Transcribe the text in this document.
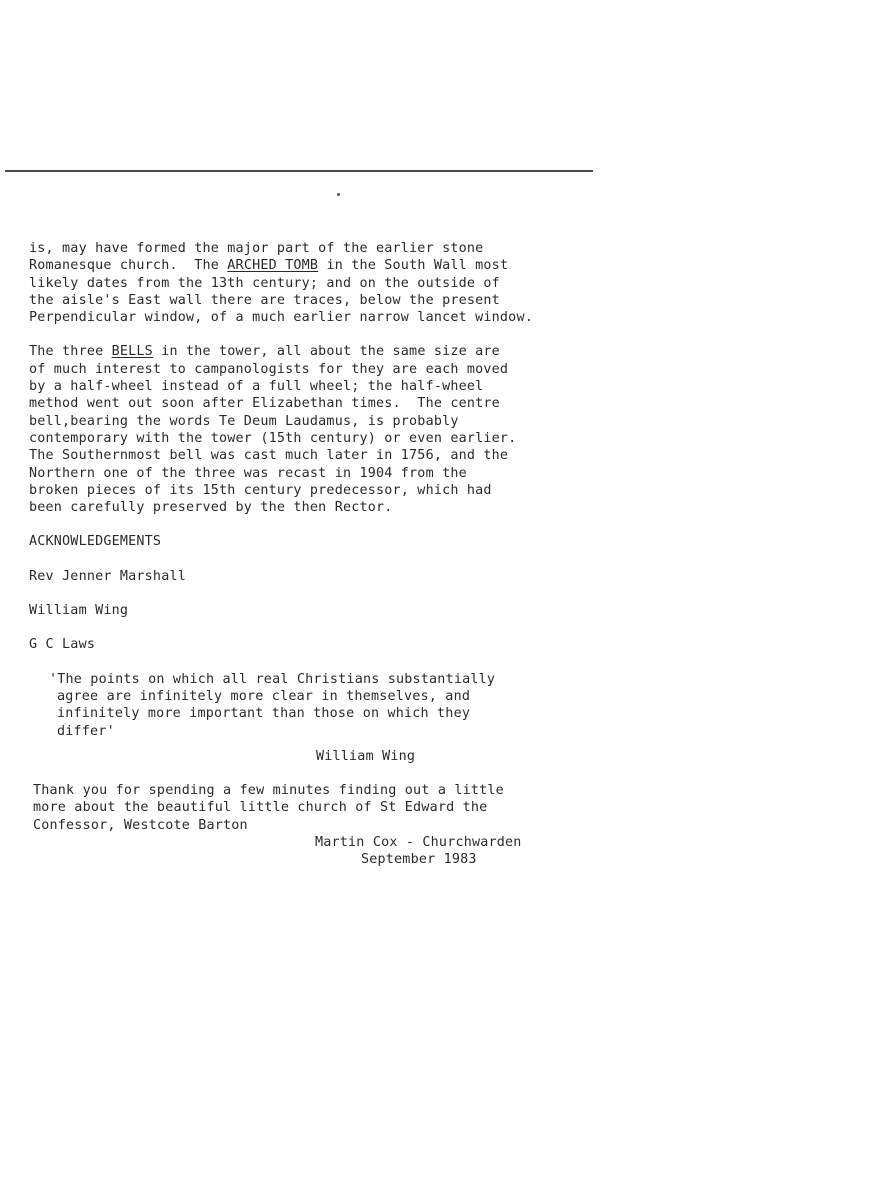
is, may have formed the major part of the earlier stone

Romanesque church.  The ARCHED TOMB in the South Wall most

likely dates from the 13th century; and on the outside of

the aisle's East wall there are traces, below the present

Perpendicular window, of a much earlier narrow lancet window.

The three BELLS in the tower, all about the same size are

of much interest to campanologists for they are each moved

by a half-wheel instead of a full wheel; the half-wheel

method went out soon after Elizabethan times.  The centre

bell,bearing the words Te Deum Laudamus, is probably

contemporary with the tower (15th century) or even earlier.

The Southernmost bell was cast much later in 1756, and the

Northern one of the three was recast in 1904 from the

broken pieces of its 15th century predecessor, which had

been carefully preserved by the then Rector.

ACKNOWLEDGEMENTS

Rev Jenner Marshall

William Wing

G C Laws

'The points on which all real Christians substantially

agree are infinitely more clear in themselves, and

infinitely more important than those on which they

differ'

William Wing

Thank you for spending a few minutes finding out a little

more about the beautiful little church of St Edward the

Confessor, Westcote Barton

Martin Cox - Churchwarden

September 1983
